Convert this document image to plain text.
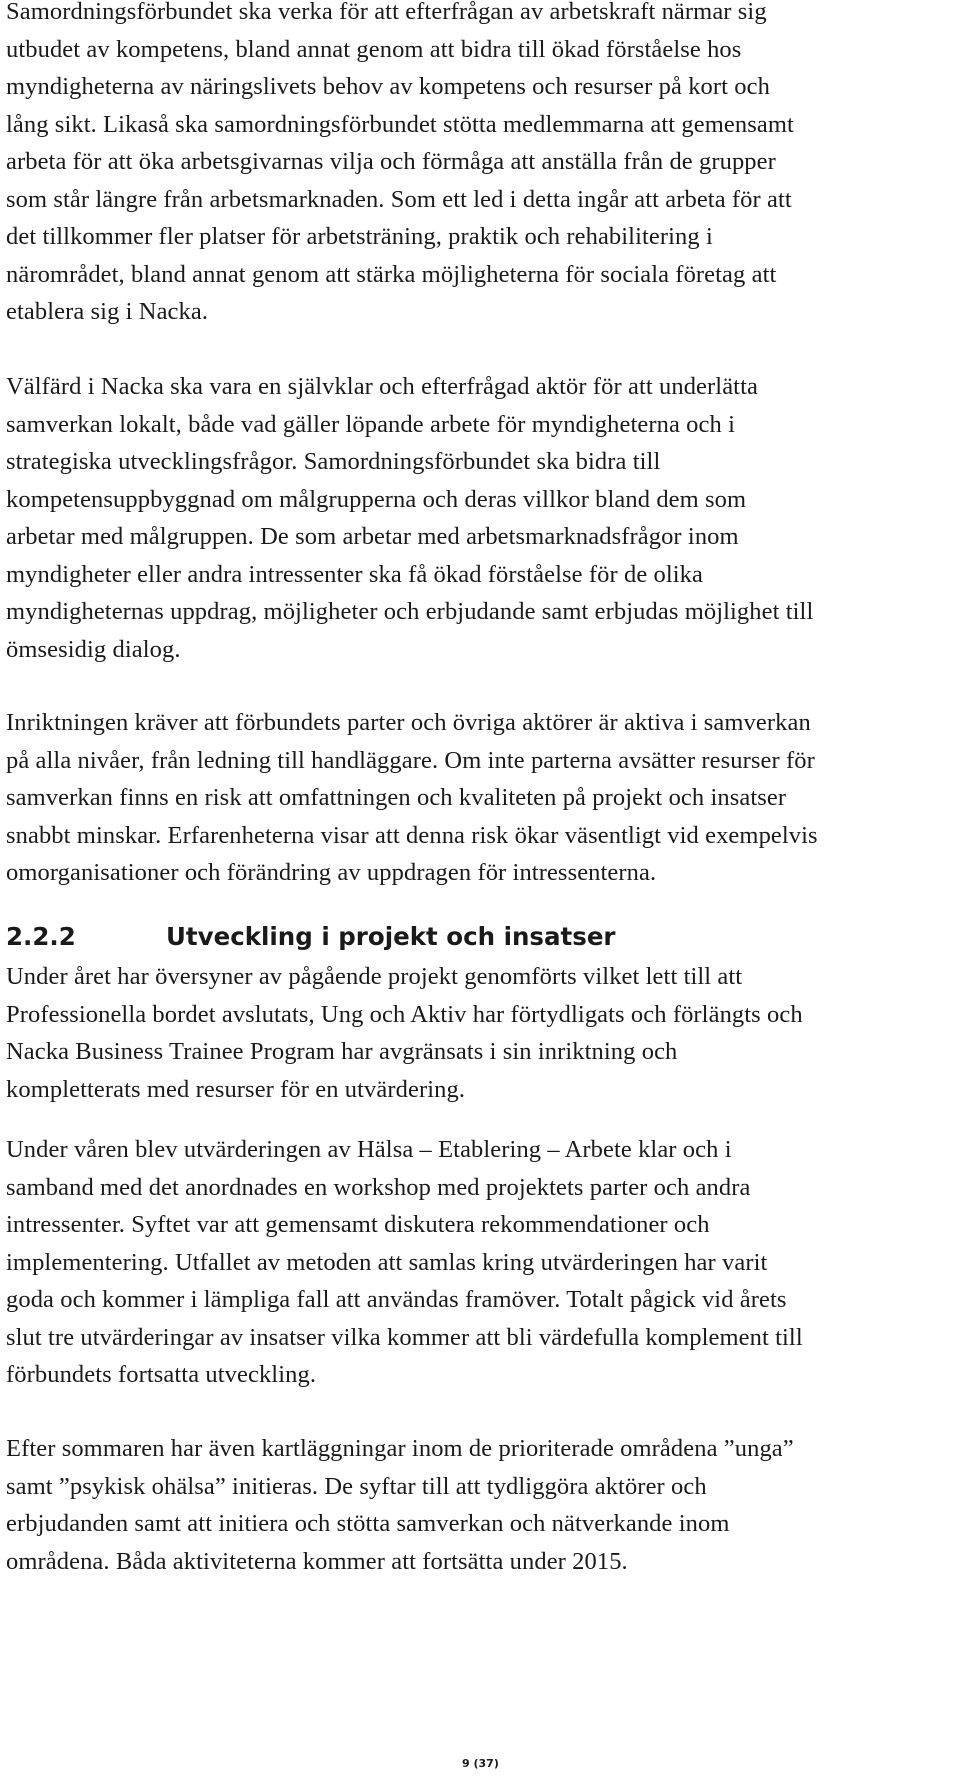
Samordningsförbundet ska verka för att efterfrågan av arbetskraft närmar sig
utbudet av kompetens, bland annat genom att bidra till ökad förståelse hos
myndigheterna av näringslivets behov av kompetens och resurser på kort och
lång sikt. Likaså ska samordningsförbundet stötta medlemmarna att gemensamt
arbeta för att öka arbetsgivarnas vilja och förmåga att anställa från de grupper
som står längre från arbetsmarknaden. Som ett led i detta ingår att arbeta för att
det tillkommer fler platser för arbetsträning, praktik och rehabilitering i
närområdet, bland annat genom att stärka möjligheterna för sociala företag att
etablera sig i Nacka.
Välfärd i Nacka ska vara en självklar och efterfrågad aktör för att underlätta
samverkan lokalt, både vad gäller löpande arbete för myndigheterna och i
strategiska utvecklingsfrågor. Samordningsförbundet ska bidra till
kompetensuppbyggnad om målgrupperna och deras villkor bland dem som
arbetar med målgruppen. De som arbetar med arbetsmarknadsfrågor inom
myndigheter eller andra intressenter ska få ökad förståelse för de olika
myndigheternas uppdrag, möjligheter och erbjudande samt erbjudas möjlighet till
ömsesidig dialog.
Inriktningen kräver att förbundets parter och övriga aktörer är aktiva i samverkan
på alla nivåer, från ledning till handläggare. Om inte parterna avsätter resurser för
samverkan finns en risk att omfattningen och kvaliteten på projekt och insatser
snabbt minskar. Erfarenheterna visar att denna risk ökar väsentligt vid exempelvis
omorganisationer och förändring av uppdragen för intressenterna.
2.2.2	Utveckling i projekt och insatser
Under året har översyner av pågående projekt genomförts vilket lett till att
Professionella bordet avslutats, Ung och Aktiv har förtydligats och förlängts och
Nacka Business Trainee Program har avgränsats i sin inriktning och
kompletterats med resurser för en utvärdering.
Under våren blev utvärderingen av Hälsa – Etablering – Arbete klar och i
samband med det anordnades en workshop med projektets parter och andra
intressenter. Syftet var att gemensamt diskutera rekommendationer och
implementering. Utfallet av metoden att samlas kring utvärderingen har varit
goda och kommer i lämpliga fall att användas framöver. Totalt pågick vid årets
slut tre utvärderingar av insatser vilka kommer att bli värdefulla komplement till
förbundets fortsatta utveckling.
Efter sommaren har även kartläggningar inom de prioriterade områdena ”unga”
samt ”psykisk ohälsa” initieras. De syftar till att tydliggöra aktörer och
erbjudanden samt att initiera och stötta samverkan och nätverkande inom
områdena. Båda aktiviteterna kommer att fortsätta under 2015.
9 (37)
